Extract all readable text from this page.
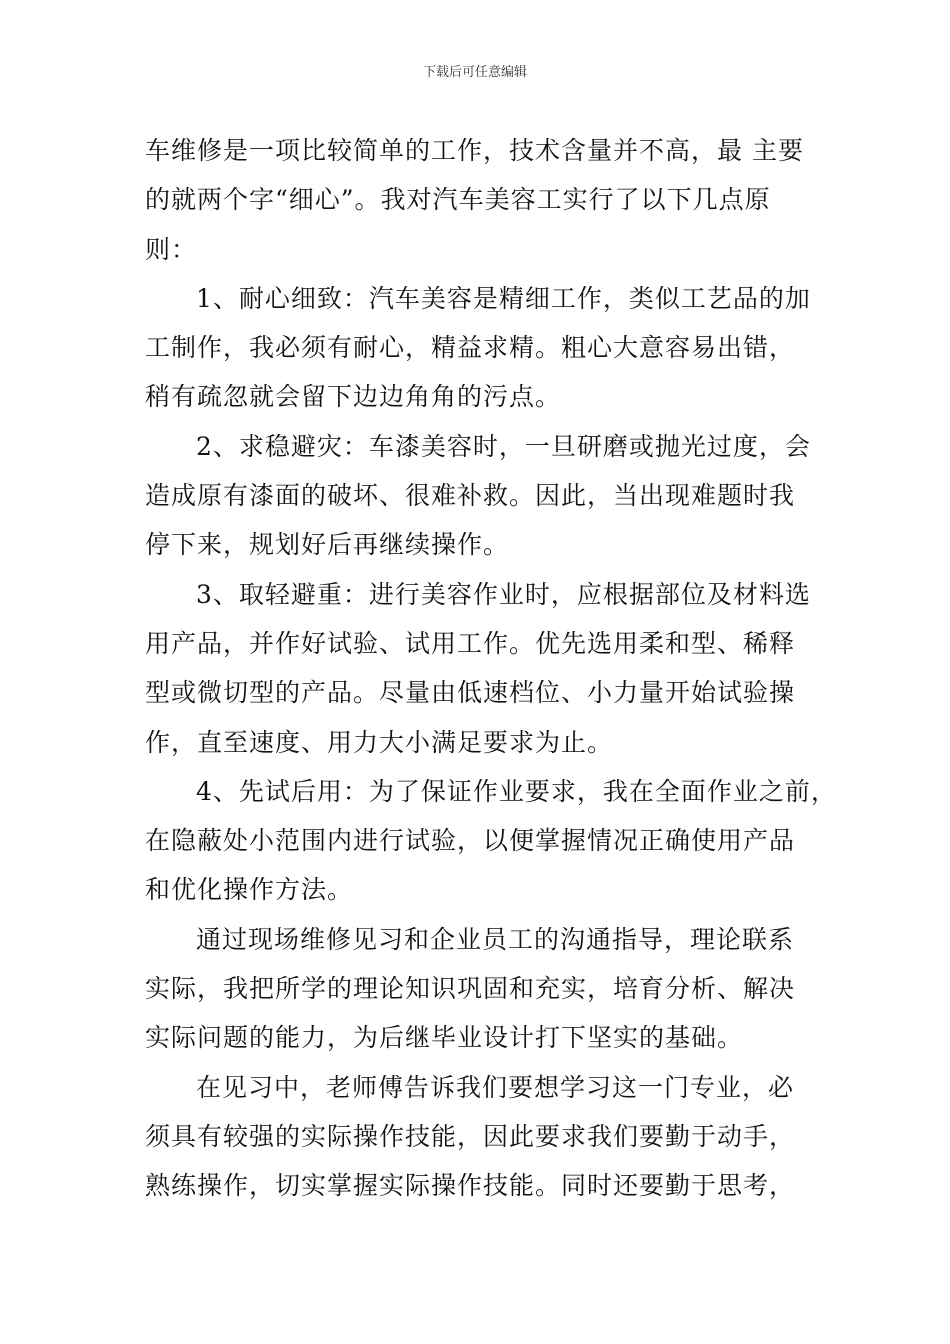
下载后可任意编辑
车维修是一项比较简单的工作，技术含量并不高，最 主要
的就两个字“细心”。我对汽车美容工实行了以下几点原
则：
1、耐心细致：汽车美容是精细工作，类似工艺品的加
工制作，我必须有耐心，精益求精。粗心大意容易出错，
稍有疏忽就会留下边边角角的污点。
2、求稳避灾：车漆美容时，一旦研磨或抛光过度，会
造成原有漆面的破坏、很难补救。因此，当出现难题时我
停下来，规划好后再继续操作。
3、取轻避重：进行美容作业时，应根据部位及材料选
用产品，并作好试验、试用工作。优先选用柔和型、稀释
型或微切型的产品。尽量由低速档位、小力量开始试验操
作，直至速度、用力大小满足要求为止。
4、先试后用：为了保证作业要求，我在全面作业之前，
在隐蔽处小范围内进行试验，以便掌握情况正确使用产品
和优化操作方法。
通过现场维修见习和企业员工的沟通指导，理论联系
实际，我把所学的理论知识巩固和充实，培育分析、解决
实际问题的能力，为后继毕业设计打下坚实的基础。
在见习中，老师傅告诉我们要想学习这一门专业，必
须具有较强的实际操作技能，因此要求我们要勤于动手，
熟练操作，切实掌握实际操作技能。同时还要勤于思考，
